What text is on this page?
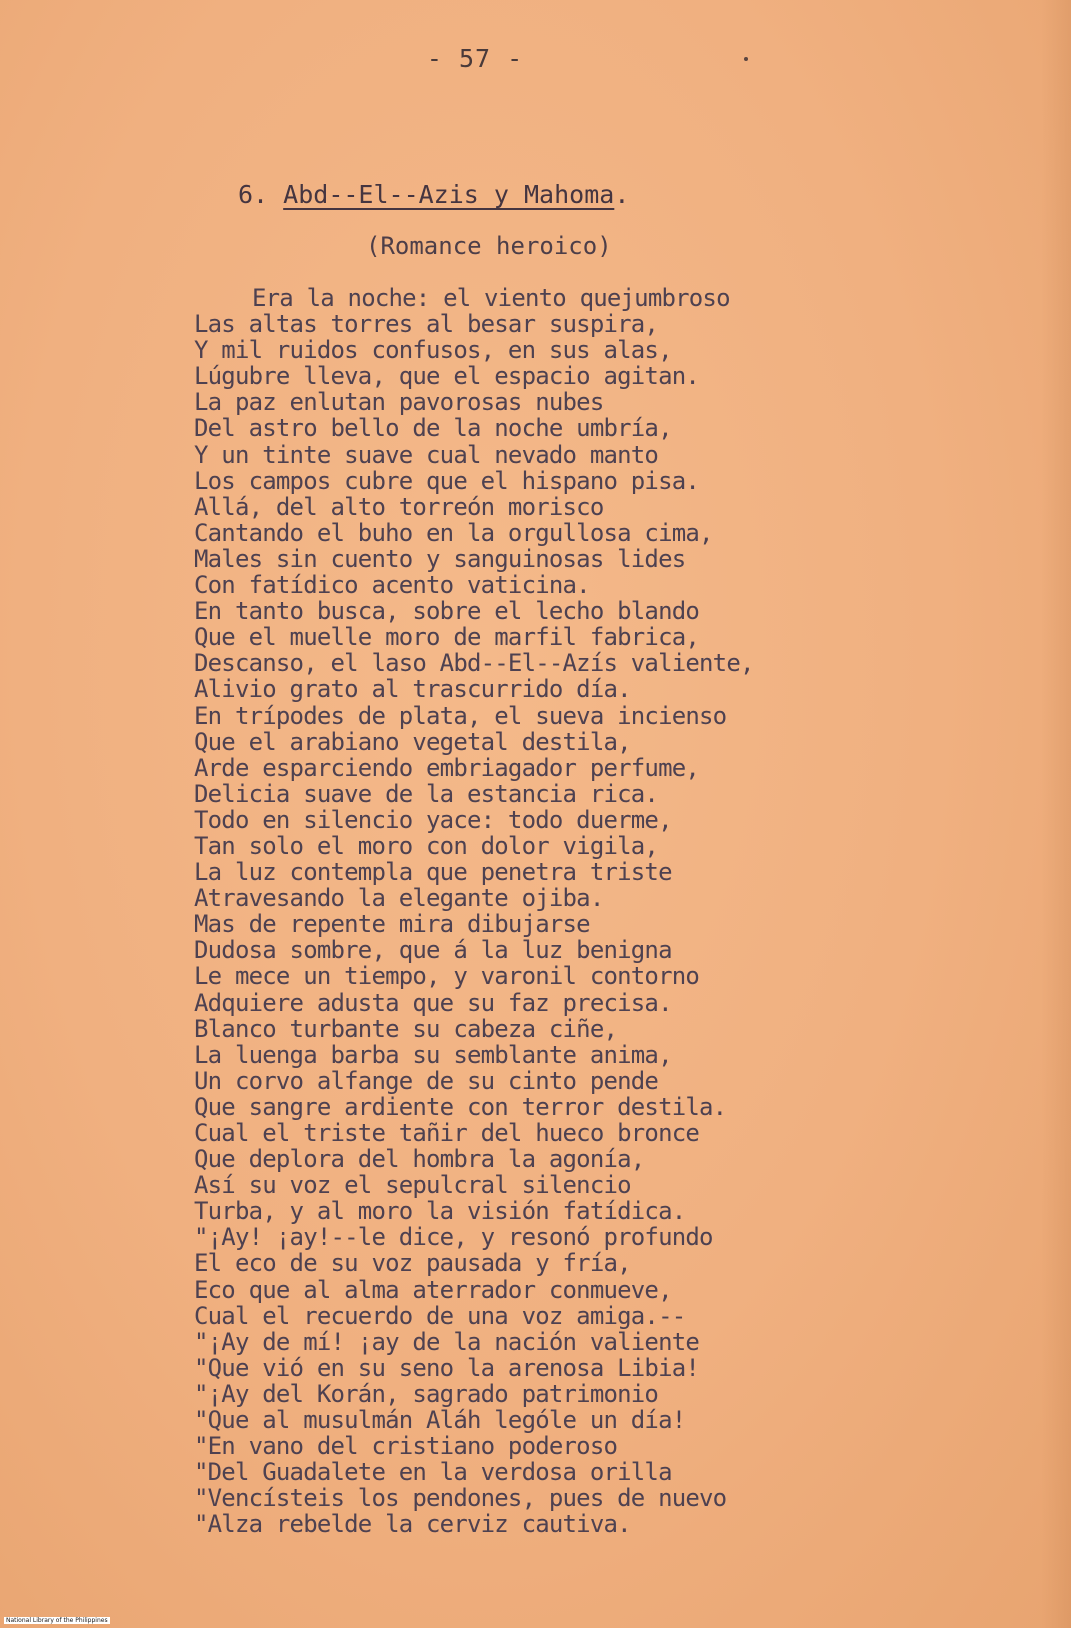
- 57 -
6. Abd--El--Azis y Mahoma.
(Romance heroico)
Era la noche: el viento quejumbroso
Las altas torres al besar suspira,
Y mil ruidos confusos, en sus alas,
Lúgubre lleva, que el espacio agitan.
La paz enlutan pavorosas nubes
Del astro bello de la noche umbría,
Y un tinte suave cual nevado manto
Los campos cubre que el hispano pisa.
Allá, del alto torreón morisco
Cantando el buho en la orgullosa cima,
Males sin cuento y sanguinosas lides
Con fatídico acento vaticina.
En tanto busca, sobre el lecho blando
Que el muelle moro de marfil fabrica,
Descanso, el laso Abd--El--Azís valiente,
Alivio grato al trascurrido día.
En trípodes de plata, el sueva incienso
Que el arabiano vegetal destila,
Arde esparciendo embriagador perfume,
Delicia suave de la estancia rica.
Todo en silencio yace: todo duerme,
Tan solo el moro con dolor vigila,
La luz contempla que penetra triste
Atravesando la elegante ojiba.
Mas de repente mira dibujarse
Dudosa sombre, que á la luz benigna
Le mece un tiempo, y varonil contorno
Adquiere adusta que su faz precisa.
Blanco turbante su cabeza ciñe,
La luenga barba su semblante anima,
Un corvo alfange de su cinto pende
Que sangre ardiente con terror destila.
Cual el triste tañir del hueco bronce
Que deplora del hombra la agonía,
Así su voz el sepulcral silencio
Turba, y al moro la visión fatídica.
"¡Ay! ¡ay!--le dice, y resonó profundo
El eco de su voz pausada y fría,
Eco que al alma aterrador conmueve,
Cual el recuerdo de una voz amiga.--
"¡Ay de mí! ¡ay de la nación valiente
"Que vió en su seno la arenosa Libia!
"¡Ay del Korán, sagrado patrimonio
"Que al musulmán Aláh lególe un día!
"En vano del cristiano poderoso
"Del Guadalete en la verdosa orilla
"Vencísteis los pendones, pues de nuevo
"Alza rebelde la cerviz cautiva.
National Library of the Philippines
